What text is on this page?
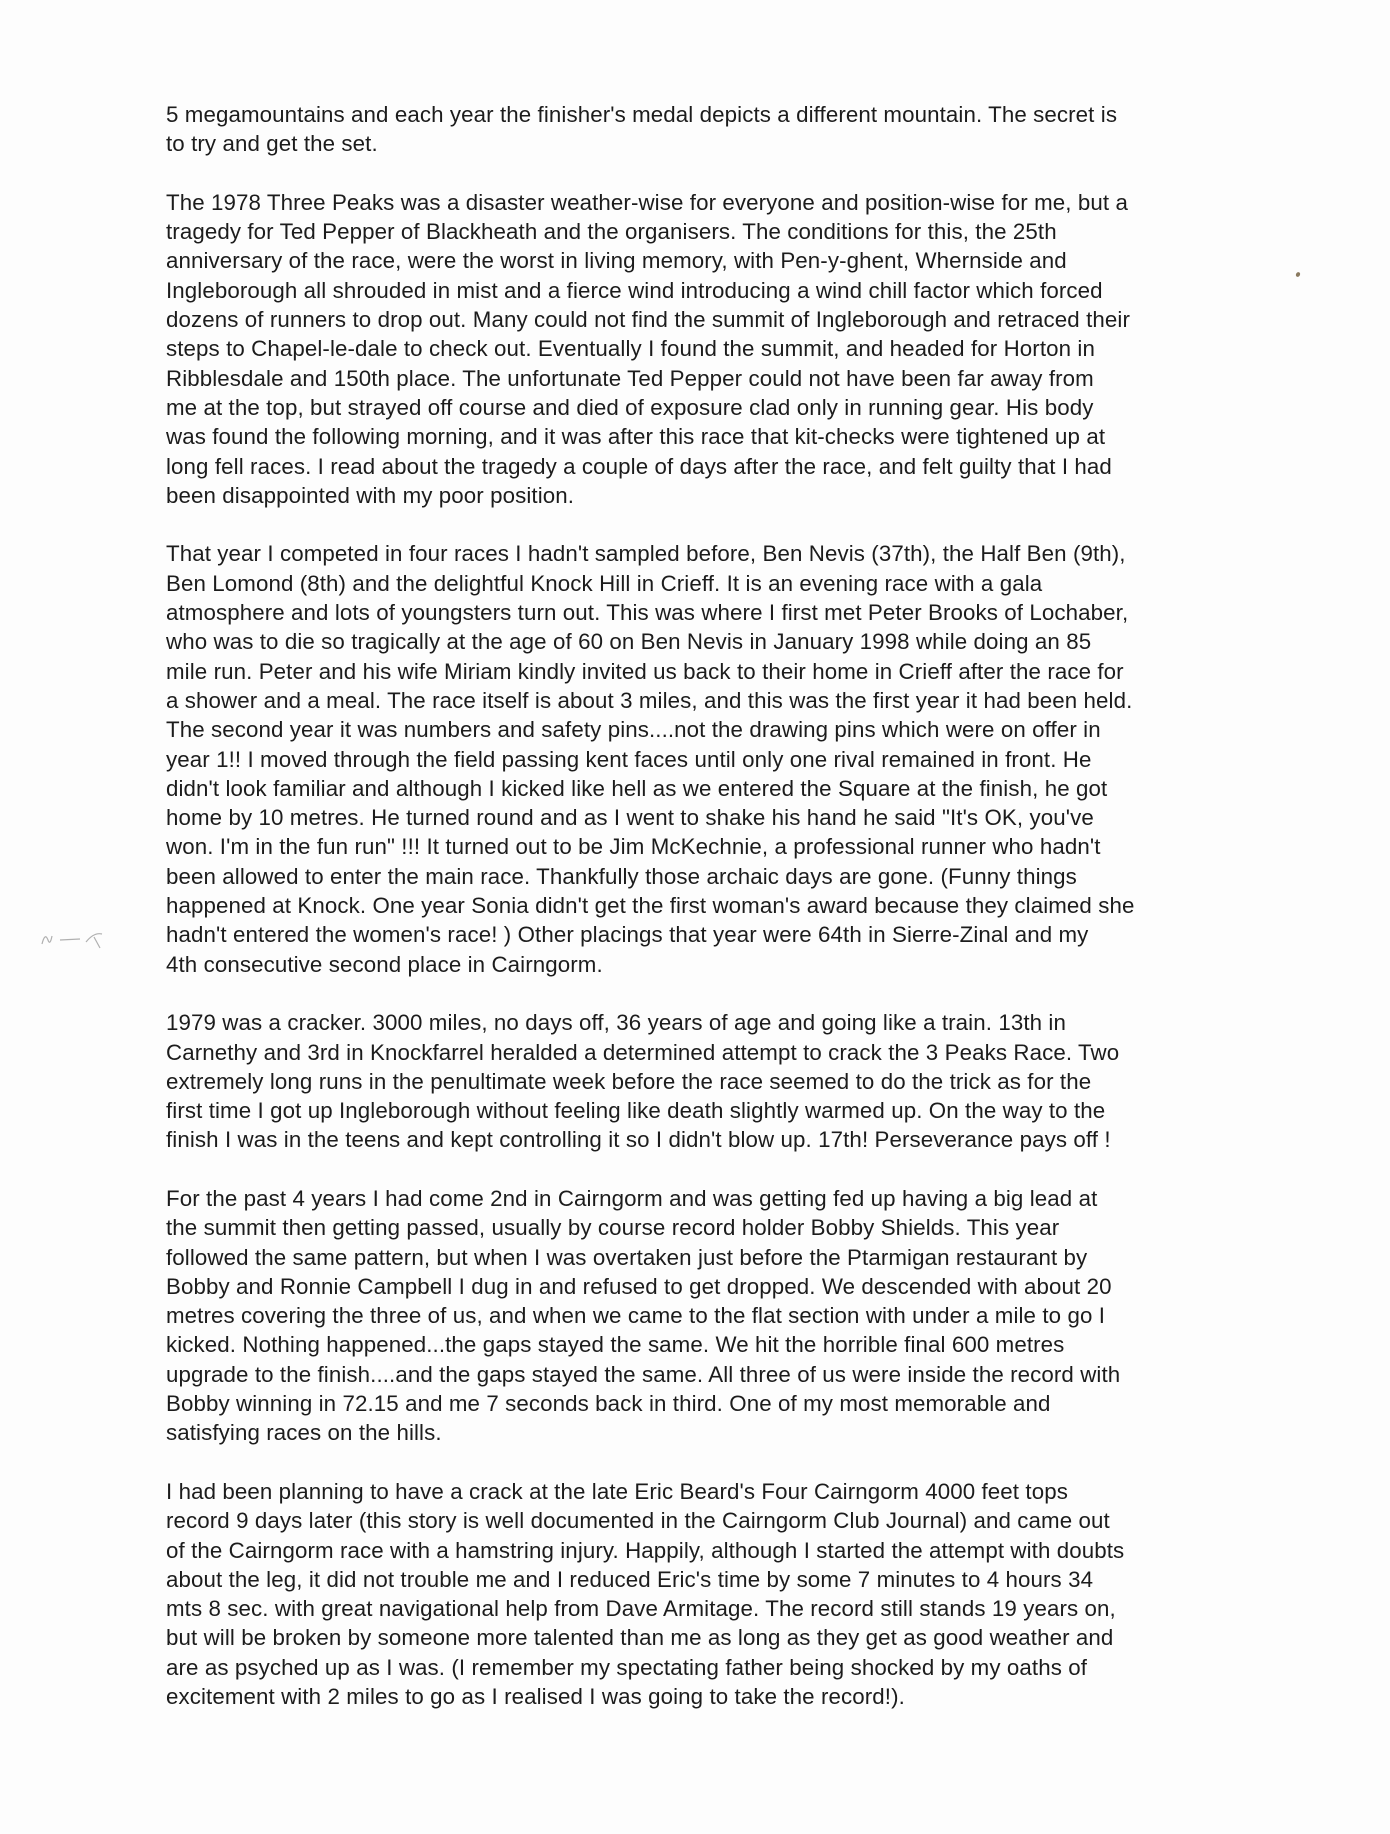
5 megamountains and each year the finisher's medal depicts a different mountain. The secret is
to try and get the set.

The 1978 Three Peaks was a disaster weather-wise for everyone and position-wise for me, but a
tragedy for Ted Pepper of Blackheath and the organisers. The conditions for this, the 25th
anniversary of the race, were the worst in living memory, with Pen-y-ghent, Whernside and
Ingleborough all shrouded in mist and a fierce wind introducing a wind chill factor which forced
dozens of runners to drop out. Many could not find the summit of Ingleborough and retraced their
steps to Chapel-le-dale to check out. Eventually I found the summit, and headed for Horton in
Ribblesdale and 150th place. The unfortunate Ted Pepper could not have been far away from
me at the top, but strayed off course and died of exposure clad only in running gear. His body
was found the following morning, and it was after this race that kit-checks were tightened up at
long fell races. I read about the tragedy a couple of days after the race, and felt guilty that I had
been disappointed with my poor position.

That year I competed in four races I hadn't sampled before, Ben Nevis (37th), the Half Ben (9th),
Ben Lomond (8th) and the delightful Knock Hill in Crieff. It is an evening race with a gala
atmosphere and lots of youngsters turn out. This was where I first met Peter Brooks of Lochaber,
who was to die so tragically at the age of 60 on Ben Nevis in January 1998 while doing an 85
mile run. Peter and his wife Miriam kindly invited us back to their home in Crieff after the race for
a shower and a meal. The race itself is about 3 miles, and this was the first year it had been held.
The second year it was numbers and safety pins....not the drawing pins which were on offer in
year 1!! I moved through the field passing kent faces until only one rival remained in front. He
didn't look familiar and although I kicked like hell as we entered the Square at the finish, he got
home by 10 metres. He turned round and as I went to shake his hand he said "It's OK, you've
won. I'm in the fun run" !!! It turned out to be Jim McKechnie, a professional runner who hadn't
been allowed to enter the main race. Thankfully those archaic days are gone. (Funny things
happened at Knock. One year Sonia didn't get the first woman's award because they claimed she
hadn't entered the women's race! ) Other placings that year were 64th in Sierre-Zinal and my
4th consecutive second place in Cairngorm.

1979 was a cracker. 3000 miles, no days off, 36 years of age and going like a train. 13th in
Carnethy and 3rd in Knockfarrel heralded a determined attempt to crack the 3 Peaks Race. Two
extremely long runs in the penultimate week before the race seemed to do the trick as for the
first time I got up Ingleborough without feeling like death slightly warmed up. On the way to the
finish I was in the teens and kept controlling it so I didn't blow up. 17th! Perseverance pays off !

For the past 4 years I had come 2nd in Cairngorm and was getting fed up having a big lead at
the summit then getting passed, usually by course record holder Bobby Shields. This year
followed the same pattern, but when I was overtaken just before the Ptarmigan restaurant by
Bobby and Ronnie Campbell I dug in and refused to get dropped. We descended with about 20
metres covering the three of us, and when we came to the flat section with under a mile to go I
kicked. Nothing happened...the gaps stayed the same. We hit the horrible final 600 metres
upgrade to the finish....and the gaps stayed the same. All three of us were inside the record with
Bobby winning in 72.15 and me 7 seconds back in third. One of my most memorable and
satisfying races on the hills.

I had been planning to have a crack at the late Eric Beard's Four Cairngorm 4000 feet tops
record 9 days later (this story is well documented in the Cairngorm Club Journal) and came out
of the Cairngorm race with a hamstring injury. Happily, although I started the attempt with doubts
about the leg, it did not trouble me and I reduced Eric's time by some 7 minutes to 4 hours 34
mts 8 sec. with great navigational help from Dave Armitage. The record still stands 19 years on,
but will be broken by someone more talented than me as long as they get as good weather and
are as psyched up as I was. (I remember my spectating father being shocked by my oaths of
excitement with 2 miles to go as I realised I was going to take the record!).
